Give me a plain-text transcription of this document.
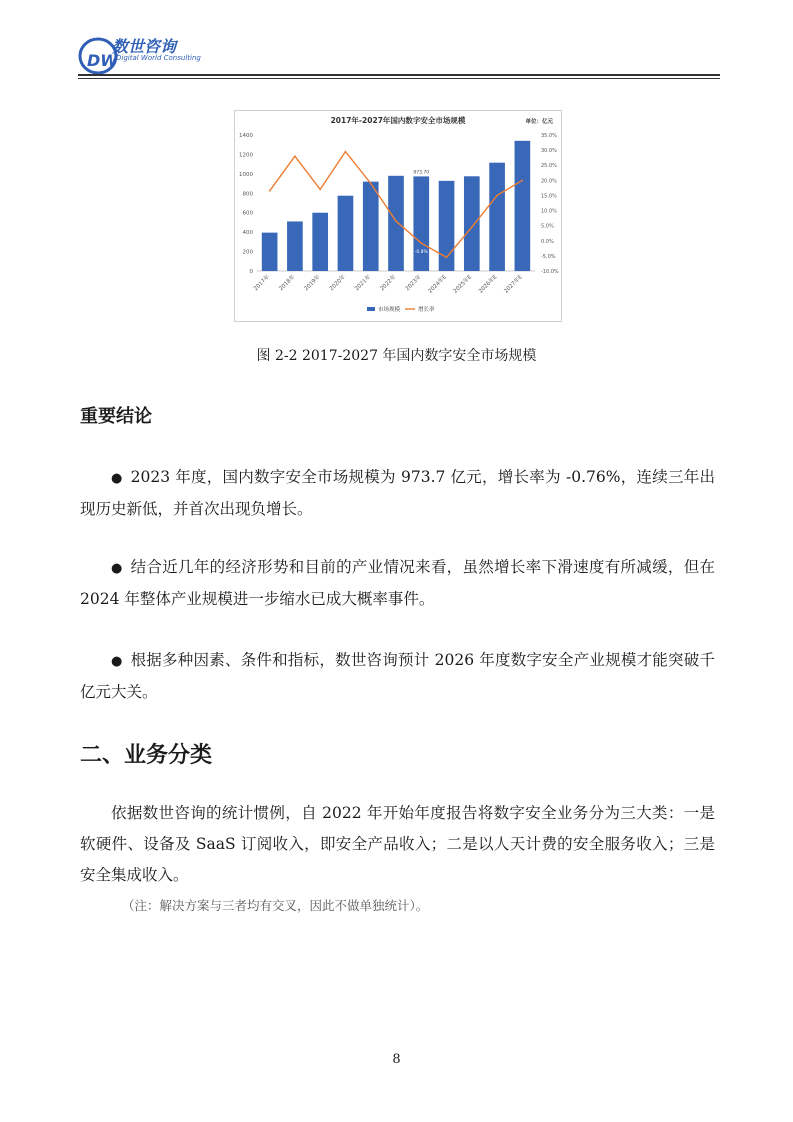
DW
数世咨询
Digital World Consulting
2017年-2027年国内数字安全市场规模	单位：亿元
0
200
400
600
800
1000
1200
1400
-10.0%
-5.0%
0.0%
5.0%
10.0%
15.0%
20.0%
25.0%
30.0%
35.0%
2017年 2018年 2019年 2020年 2021年 2022年 2023年 2024年E 2025年E 2026年E 2027年E
973.70
-0.8%
市场规模	增长率
图 2-2 2017-2027 年国内数字安全市场规模
重要结论
● 2023 年度，国内数字安全市场规模为 973.7 亿元，增长率为 -0.76%，连续三年出现历史新低，并首次出现负增长。
● 结合近几年的经济形势和目前的产业情况来看，虽然增长率下滑速度有所减缓，但在 2024 年整体产业规模进一步缩水已成大概率事件。
● 根据多种因素、条件和指标，数世咨询预计 2026 年度数字安全产业规模才能突破千亿元大关。
二、业务分类
依据数世咨询的统计惯例，自 2022 年开始年度报告将数字安全业务分为三大类：一是软硬件、设备及 SaaS 订阅收入，即安全产品收入；二是以人天计费的安全服务收入；三是安全集成收入。
（注：解决方案与三者均有交叉，因此不做单独统计）。
8
